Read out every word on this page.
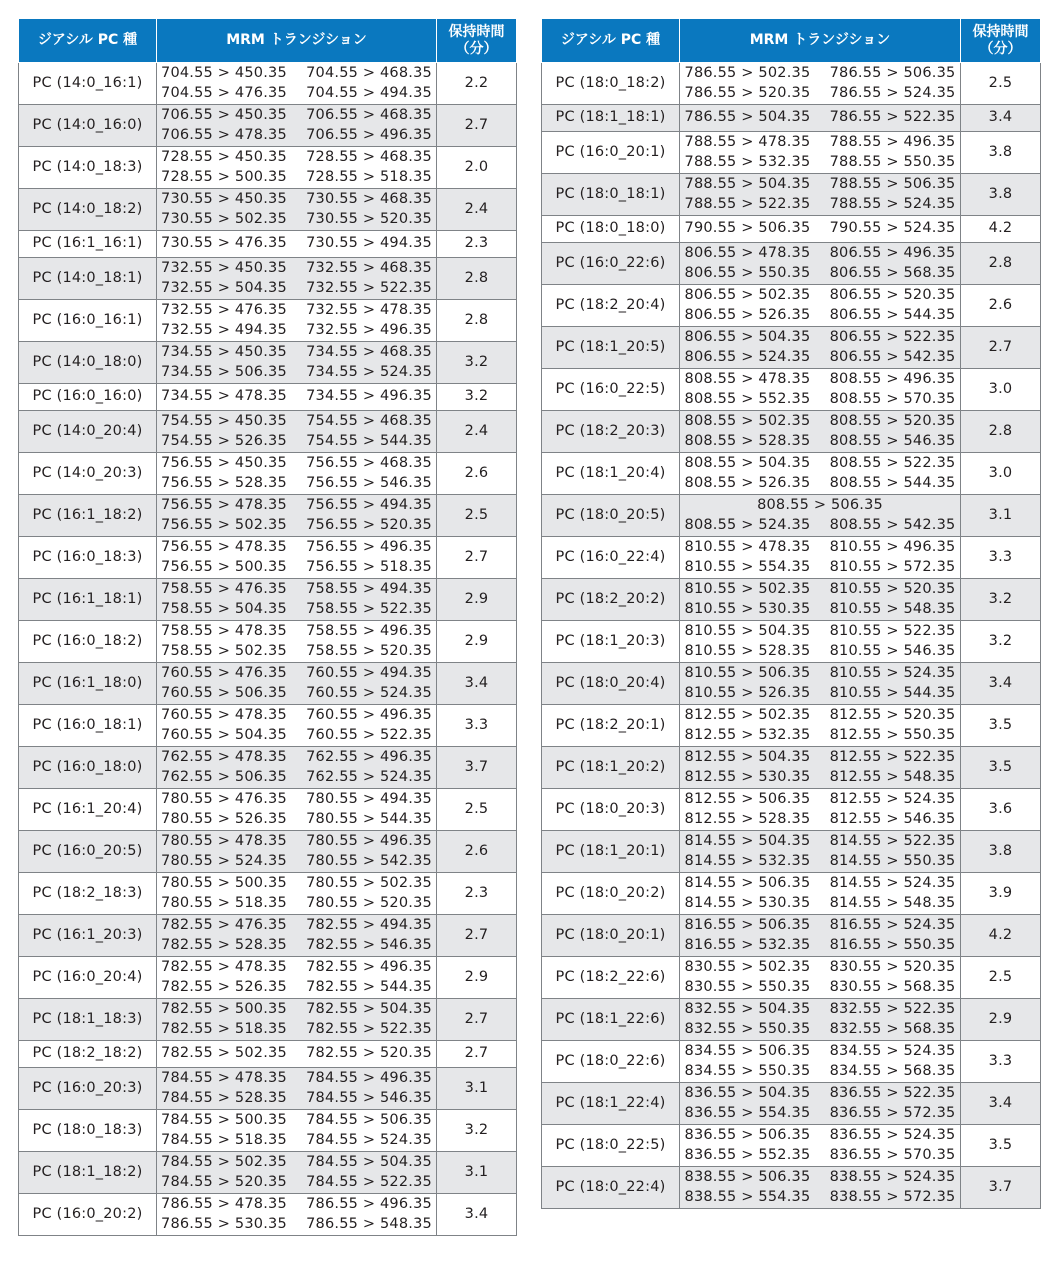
ジアシル PC 種	MRM トランジション	保持時間
（分）
PC (14:0_16:1)	704.55 > 450.35    704.55 > 468.35
704.55 > 476.35    704.55 > 494.35	2.2
PC (14:0_16:0)	706.55 > 450.35    706.55 > 468.35
706.55 > 478.35    706.55 > 496.35	2.7
PC (14:0_18:3)	728.55 > 450.35    728.55 > 468.35
728.55 > 500.35    728.55 > 518.35	2.0
PC (14:0_18:2)	730.55 > 450.35    730.55 > 468.35
730.55 > 502.35    730.55 > 520.35	2.4
PC (16:1_16:1)	730.55 > 476.35    730.55 > 494.35	2.3
PC (14:0_18:1)	732.55 > 450.35    732.55 > 468.35
732.55 > 504.35    732.55 > 522.35	2.8
PC (16:0_16:1)	732.55 > 476.35    732.55 > 478.35
732.55 > 494.35    732.55 > 496.35	2.8
PC (14:0_18:0)	734.55 > 450.35    734.55 > 468.35
734.55 > 506.35    734.55 > 524.35	3.2
PC (16:0_16:0)	734.55 > 478.35    734.55 > 496.35	3.2
PC (14:0_20:4)	754.55 > 450.35    754.55 > 468.35
754.55 > 526.35    754.55 > 544.35	2.4
PC (14:0_20:3)	756.55 > 450.35    756.55 > 468.35
756.55 > 528.35    756.55 > 546.35	2.6
PC (16:1_18:2)	756.55 > 478.35    756.55 > 494.35
756.55 > 502.35    756.55 > 520.35	2.5
PC (16:0_18:3)	756.55 > 478.35    756.55 > 496.35
756.55 > 500.35    756.55 > 518.35	2.7
PC (16:1_18:1)	758.55 > 476.35    758.55 > 494.35
758.55 > 504.35    758.55 > 522.35	2.9
PC (16:0_18:2)	758.55 > 478.35    758.55 > 496.35
758.55 > 502.35    758.55 > 520.35	2.9
PC (16:1_18:0)	760.55 > 476.35    760.55 > 494.35
760.55 > 506.35    760.55 > 524.35	3.4
PC (16:0_18:1)	760.55 > 478.35    760.55 > 496.35
760.55 > 504.35    760.55 > 522.35	3.3
PC (16:0_18:0)	762.55 > 478.35    762.55 > 496.35
762.55 > 506.35    762.55 > 524.35	3.7
PC (16:1_20:4)	780.55 > 476.35    780.55 > 494.35
780.55 > 526.35    780.55 > 544.35	2.5
PC (16:0_20:5)	780.55 > 478.35    780.55 > 496.35
780.55 > 524.35    780.55 > 542.35	2.6
PC (18:2_18:3)	780.55 > 500.35    780.55 > 502.35
780.55 > 518.35    780.55 > 520.35	2.3
PC (16:1_20:3)	782.55 > 476.35    782.55 > 494.35
782.55 > 528.35    782.55 > 546.35	2.7
PC (16:0_20:4)	782.55 > 478.35    782.55 > 496.35
782.55 > 526.35    782.55 > 544.35	2.9
PC (18:1_18:3)	782.55 > 500.35    782.55 > 504.35
782.55 > 518.35    782.55 > 522.35	2.7
PC (18:2_18:2)	782.55 > 502.35    782.55 > 520.35	2.7
PC (16:0_20:3)	784.55 > 478.35    784.55 > 496.35
784.55 > 528.35    784.55 > 546.35	3.1
PC (18:0_18:3)	784.55 > 500.35    784.55 > 506.35
784.55 > 518.35    784.55 > 524.35	3.2
PC (18:1_18:2)	784.55 > 502.35    784.55 > 504.35
784.55 > 520.35    784.55 > 522.35	3.1
PC (16:0_20:2)	786.55 > 478.35    786.55 > 496.35
786.55 > 530.35    786.55 > 548.35	3.4
ジアシル PC 種	MRM トランジション	保持時間
（分）
PC (18:0_18:2)	786.55 > 502.35    786.55 > 506.35
786.55 > 520.35    786.55 > 524.35	2.5
PC (18:1_18:1)	786.55 > 504.35    786.55 > 522.35	3.4
PC (16:0_20:1)	788.55 > 478.35    788.55 > 496.35
788.55 > 532.35    788.55 > 550.35	3.8
PC (18:0_18:1)	788.55 > 504.35    788.55 > 506.35
788.55 > 522.35    788.55 > 524.35	3.8
PC (18:0_18:0)	790.55 > 506.35    790.55 > 524.35	4.2
PC (16:0_22:6)	806.55 > 478.35    806.55 > 496.35
806.55 > 550.35    806.55 > 568.35	2.8
PC (18:2_20:4)	806.55 > 502.35    806.55 > 520.35
806.55 > 526.35    806.55 > 544.35	2.6
PC (18:1_20:5)	806.55 > 504.35    806.55 > 522.35
806.55 > 524.35    806.55 > 542.35	2.7
PC (16:0_22:5)	808.55 > 478.35    808.55 > 496.35
808.55 > 552.35    808.55 > 570.35	3.0
PC (18:2_20:3)	808.55 > 502.35    808.55 > 520.35
808.55 > 528.35    808.55 > 546.35	2.8
PC (18:1_20:4)	808.55 > 504.35    808.55 > 522.35
808.55 > 526.35    808.55 > 544.35	3.0
PC (18:0_20:5)	808.55 > 506.35
808.55 > 524.35    808.55 > 542.35	3.1
PC (16:0_22:4)	810.55 > 478.35    810.55 > 496.35
810.55 > 554.35    810.55 > 572.35	3.3
PC (18:2_20:2)	810.55 > 502.35    810.55 > 520.35
810.55 > 530.35    810.55 > 548.35	3.2
PC (18:1_20:3)	810.55 > 504.35    810.55 > 522.35
810.55 > 528.35    810.55 > 546.35	3.2
PC (18:0_20:4)	810.55 > 506.35    810.55 > 524.35
810.55 > 526.35    810.55 > 544.35	3.4
PC (18:2_20:1)	812.55 > 502.35    812.55 > 520.35
812.55 > 532.35    812.55 > 550.35	3.5
PC (18:1_20:2)	812.55 > 504.35    812.55 > 522.35
812.55 > 530.35    812.55 > 548.35	3.5
PC (18:0_20:3)	812.55 > 506.35    812.55 > 524.35
812.55 > 528.35    812.55 > 546.35	3.6
PC (18:1_20:1)	814.55 > 504.35    814.55 > 522.35
814.55 > 532.35    814.55 > 550.35	3.8
PC (18:0_20:2)	814.55 > 506.35    814.55 > 524.35
814.55 > 530.35    814.55 > 548.35	3.9
PC (18:0_20:1)	816.55 > 506.35    816.55 > 524.35
816.55 > 532.35    816.55 > 550.35	4.2
PC (18:2_22:6)	830.55 > 502.35    830.55 > 520.35
830.55 > 550.35    830.55 > 568.35	2.5
PC (18:1_22:6)	832.55 > 504.35    832.55 > 522.35
832.55 > 550.35    832.55 > 568.35	2.9
PC (18:0_22:6)	834.55 > 506.35    834.55 > 524.35
834.55 > 550.35    834.55 > 568.35	3.3
PC (18:1_22:4)	836.55 > 504.35    836.55 > 522.35
836.55 > 554.35    836.55 > 572.35	3.4
PC (18:0_22:5)	836.55 > 506.35    836.55 > 524.35
836.55 > 552.35    836.55 > 570.35	3.5
PC (18:0_22:4)	838.55 > 506.35    838.55 > 524.35
838.55 > 554.35    838.55 > 572.35	3.7
